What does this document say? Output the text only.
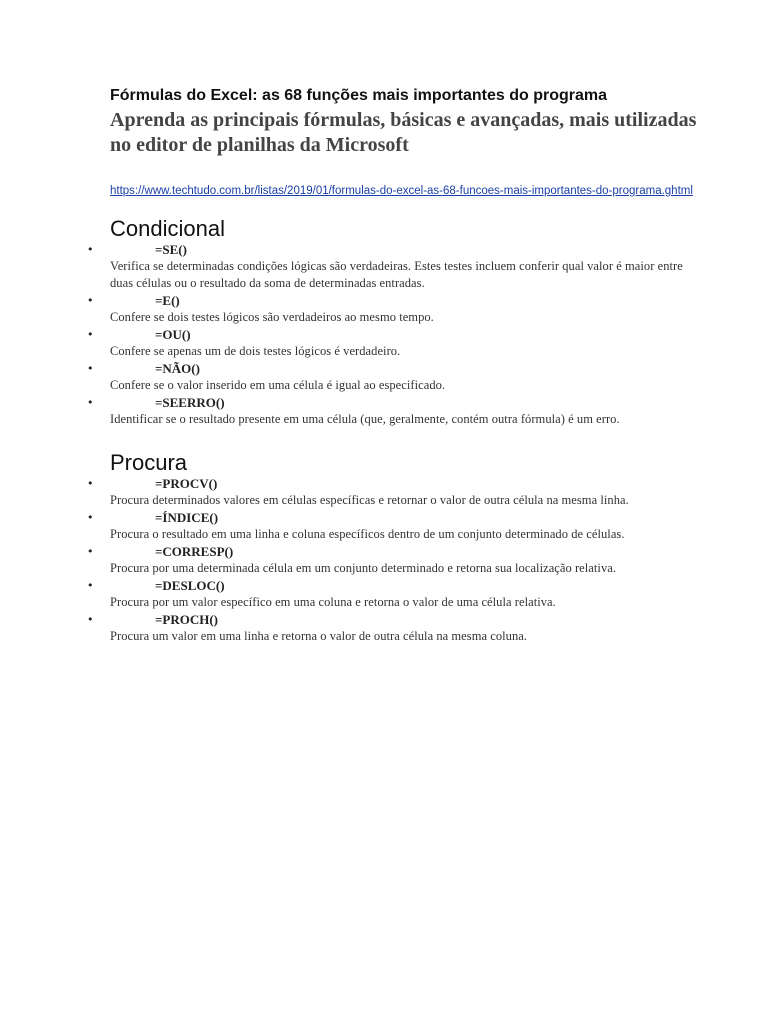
Fórmulas do Excel: as 68 funções mais importantes do programa
Aprenda as principais fórmulas, básicas e avançadas, mais utilizadas no editor de planilhas da Microsoft
https://www.techtudo.com.br/listas/2019/01/formulas-do-excel-as-68-funcoes-mais-importantes-do-programa.ghtml
Condicional
•	=SE()
Verifica se determinadas condições lógicas são verdadeiras. Estes testes incluem conferir qual valor é maior entre duas células ou o resultado da soma de determinadas entradas.
•	=E()
Confere se dois testes lógicos são verdadeiros ao mesmo tempo.
•	=OU()
Confere se apenas um de dois testes lógicos é verdadeiro.
•	=NÃO()
Confere se o valor inserido em uma célula é igual ao especificado.
•	=SEERRO()
Identificar se o resultado presente em uma célula (que, geralmente, contém outra fórmula) é um erro.
Procura
•	=PROCV()
Procura determinados valores em células específicas e retornar o valor de outra célula na mesma linha.
•	=ÍNDICE()
Procura o resultado em uma linha e coluna específicos dentro de um conjunto determinado de células.
•	=CORRESP()
Procura por uma determinada célula em um conjunto determinado e retorna sua localização relativa.
•	=DESLOC()
Procura por um valor específico em uma coluna e retorna o valor de uma célula relativa.
•	=PROCH()
Procura um valor em uma linha e retorna o valor de outra célula na mesma coluna.
